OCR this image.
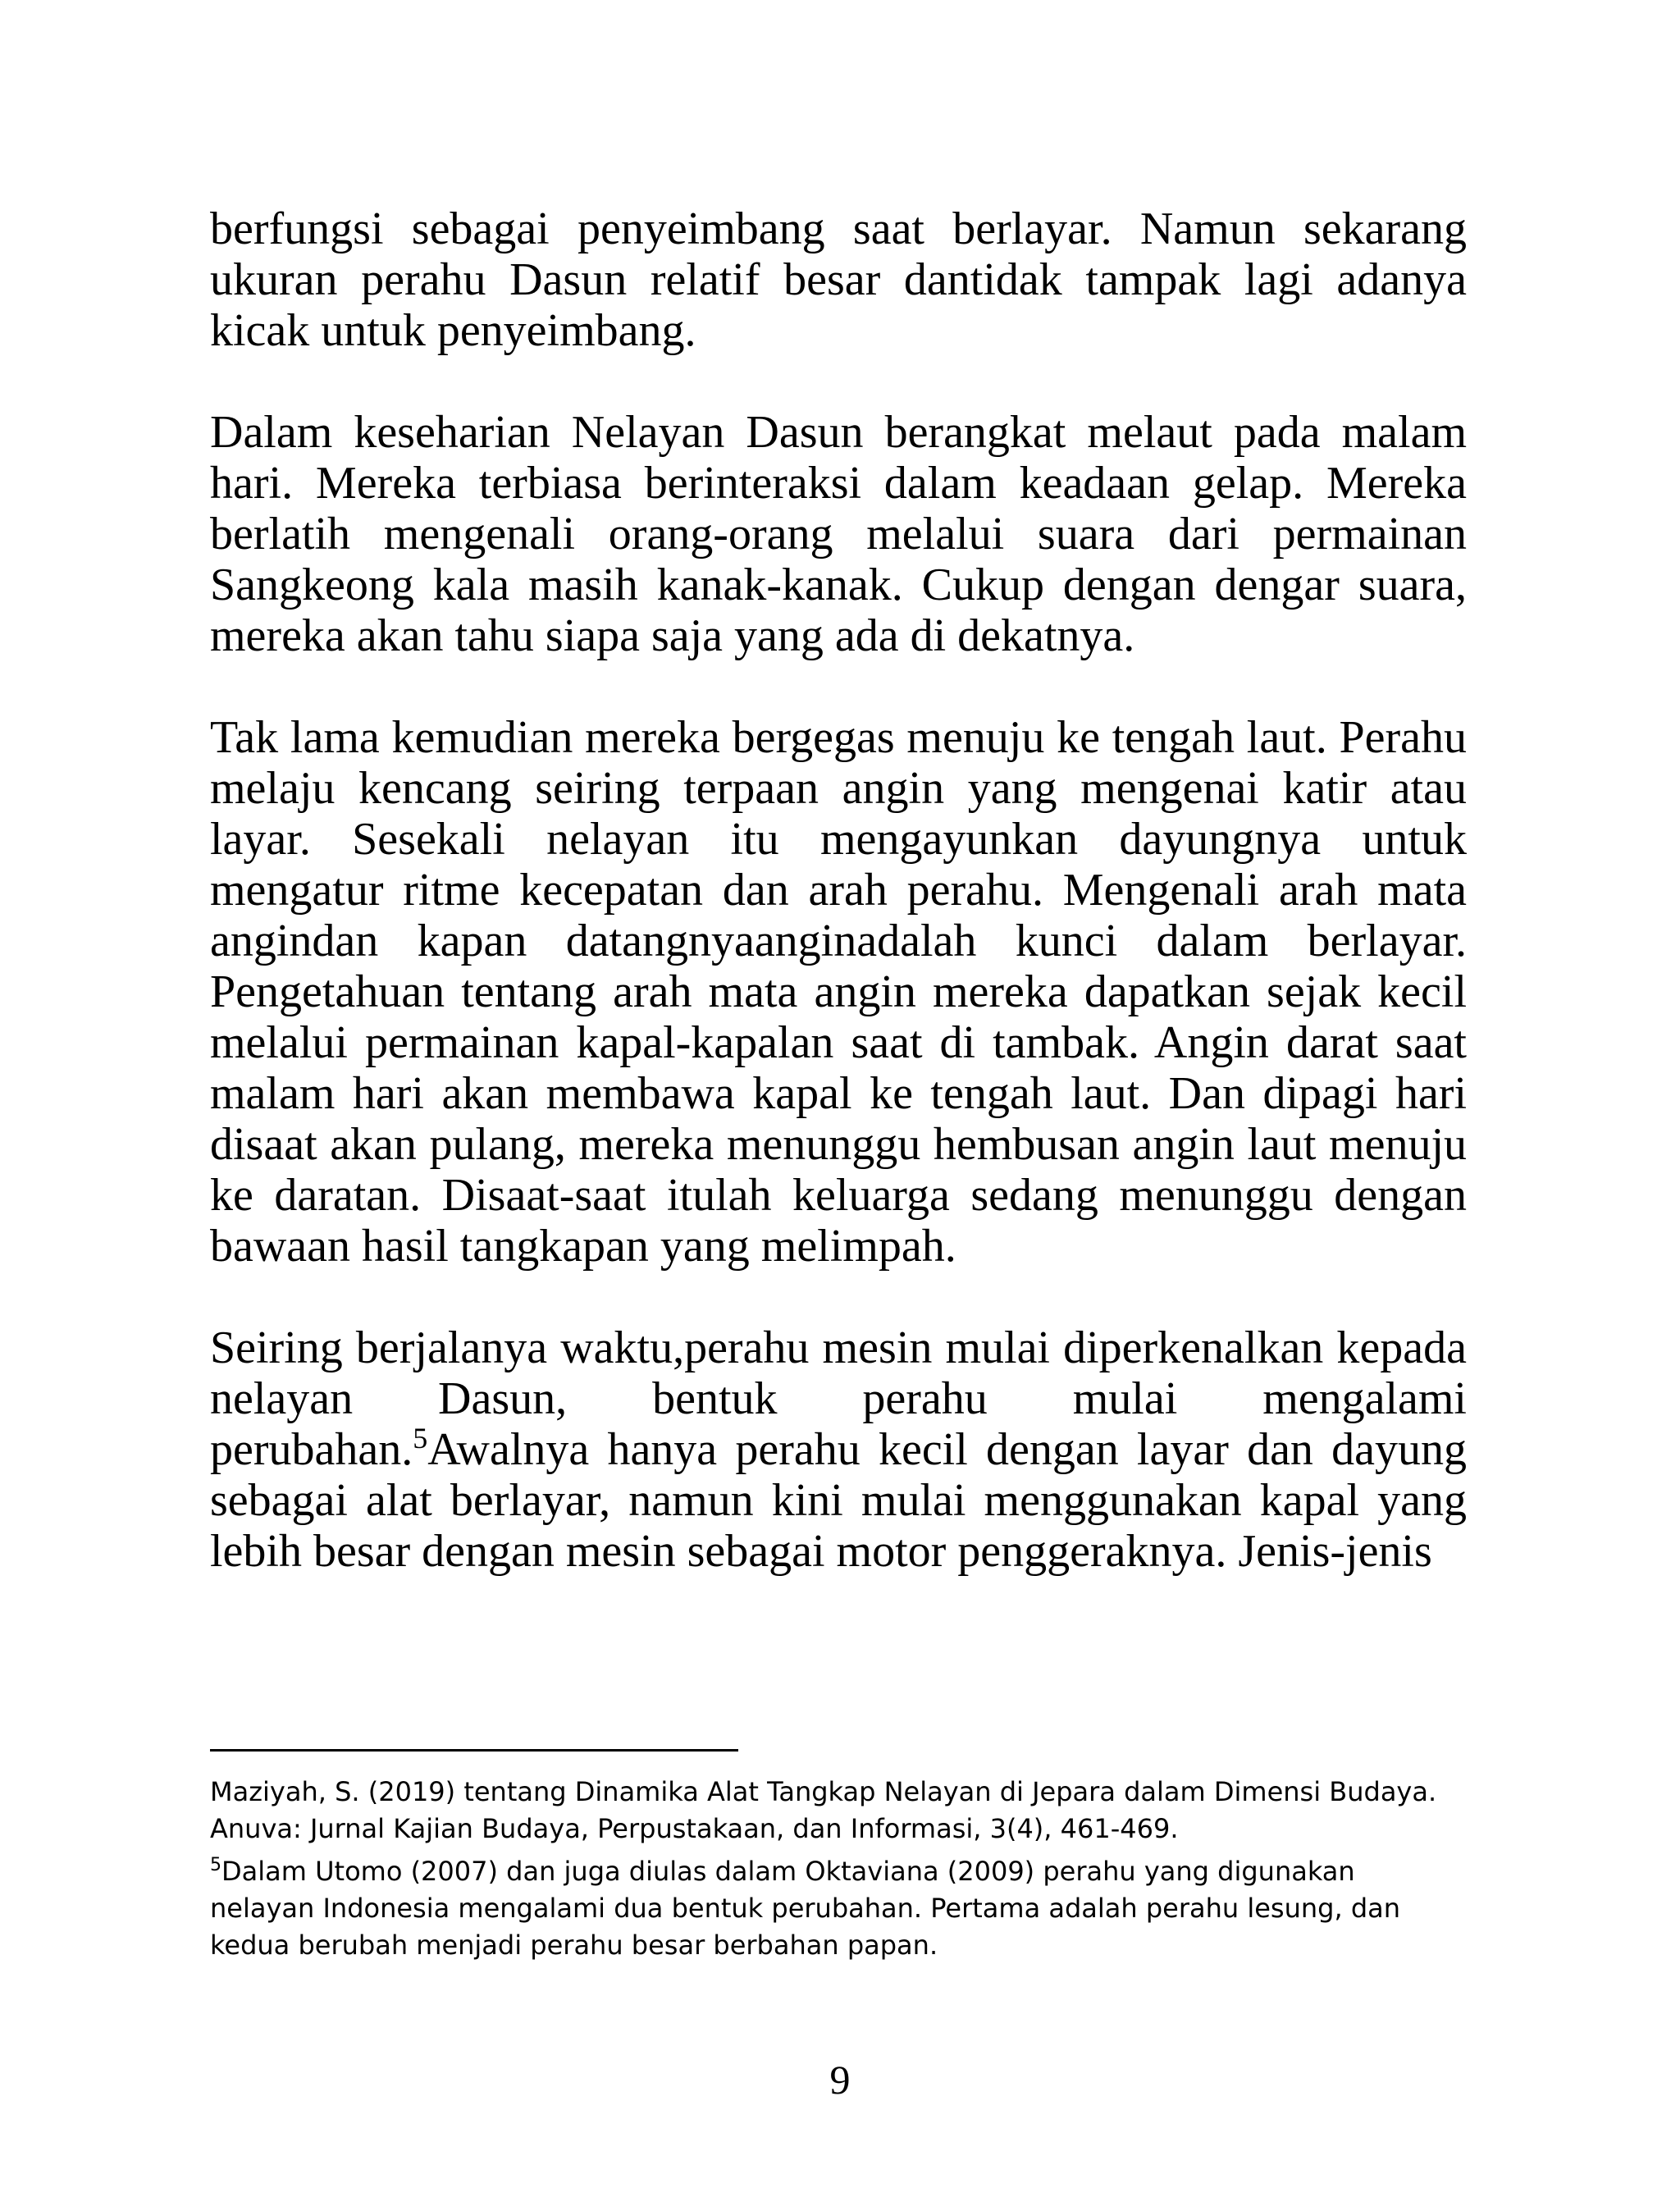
berfungsi sebagai penyeimbang saat berlayar. Namun sekarang ukuran perahu Dasun relatif besar dantidak tampak lagi adanya kicak untuk penyeimbang.

Dalam keseharian Nelayan Dasun berangkat melaut pada malam hari. Mereka terbiasa berinteraksi dalam keadaan gelap. Mereka berlatih mengenali orang-orang melalui suara dari permainan Sangkeong kala masih kanak-kanak. Cukup dengan dengar suara, mereka akan tahu siapa saja yang ada di dekatnya.

Tak lama kemudian mereka bergegas menuju ke tengah laut. Perahu melaju kencang seiring terpaan angin yang mengenai katir atau layar. Sesekali nelayan itu mengayunkan dayungnya untuk mengatur ritme kecepatan dan arah perahu. Mengenali arah mata angindan kapan datangnyaanginadalah kunci dalam berlayar. Pengetahuan tentang arah mata angin mereka dapatkan sejak kecil melalui permainan kapal-kapalan saat di tambak. Angin darat saat malam hari akan membawa kapal ke tengah laut. Dan dipagi hari disaat akan pulang, mereka menunggu hembusan angin laut menuju ke daratan. Disaat-saat itulah keluarga sedang menunggu dengan bawaan hasil tangkapan yang melimpah.

Seiring berjalanya waktu,perahu mesin mulai diperkenalkan kepada nelayan Dasun, bentuk perahu mulai mengalami perubahan.$^5$Awalnya hanya perahu kecil dengan layar dan dayung sebagai alat berlayar, namun kini mulai menggunakan kapal yang lebih besar dengan mesin sebagai motor penggeraknya. Jenis-jenis

Maziyah, S. (2019) tentang Dinamika Alat Tangkap Nelayan di Jepara dalam Dimensi Budaya. Anuva: Jurnal Kajian Budaya, Perpustakaan, dan Informasi, 3(4), 461-469.

$^5$Dalam Utomo (2007) dan juga diulas dalam Oktaviana (2009) perahu yang digunakan nelayan Indonesia mengalami dua bentuk perubahan. Pertama adalah perahu lesung, dan kedua berubah menjadi perahu besar berbahan papan.

9
